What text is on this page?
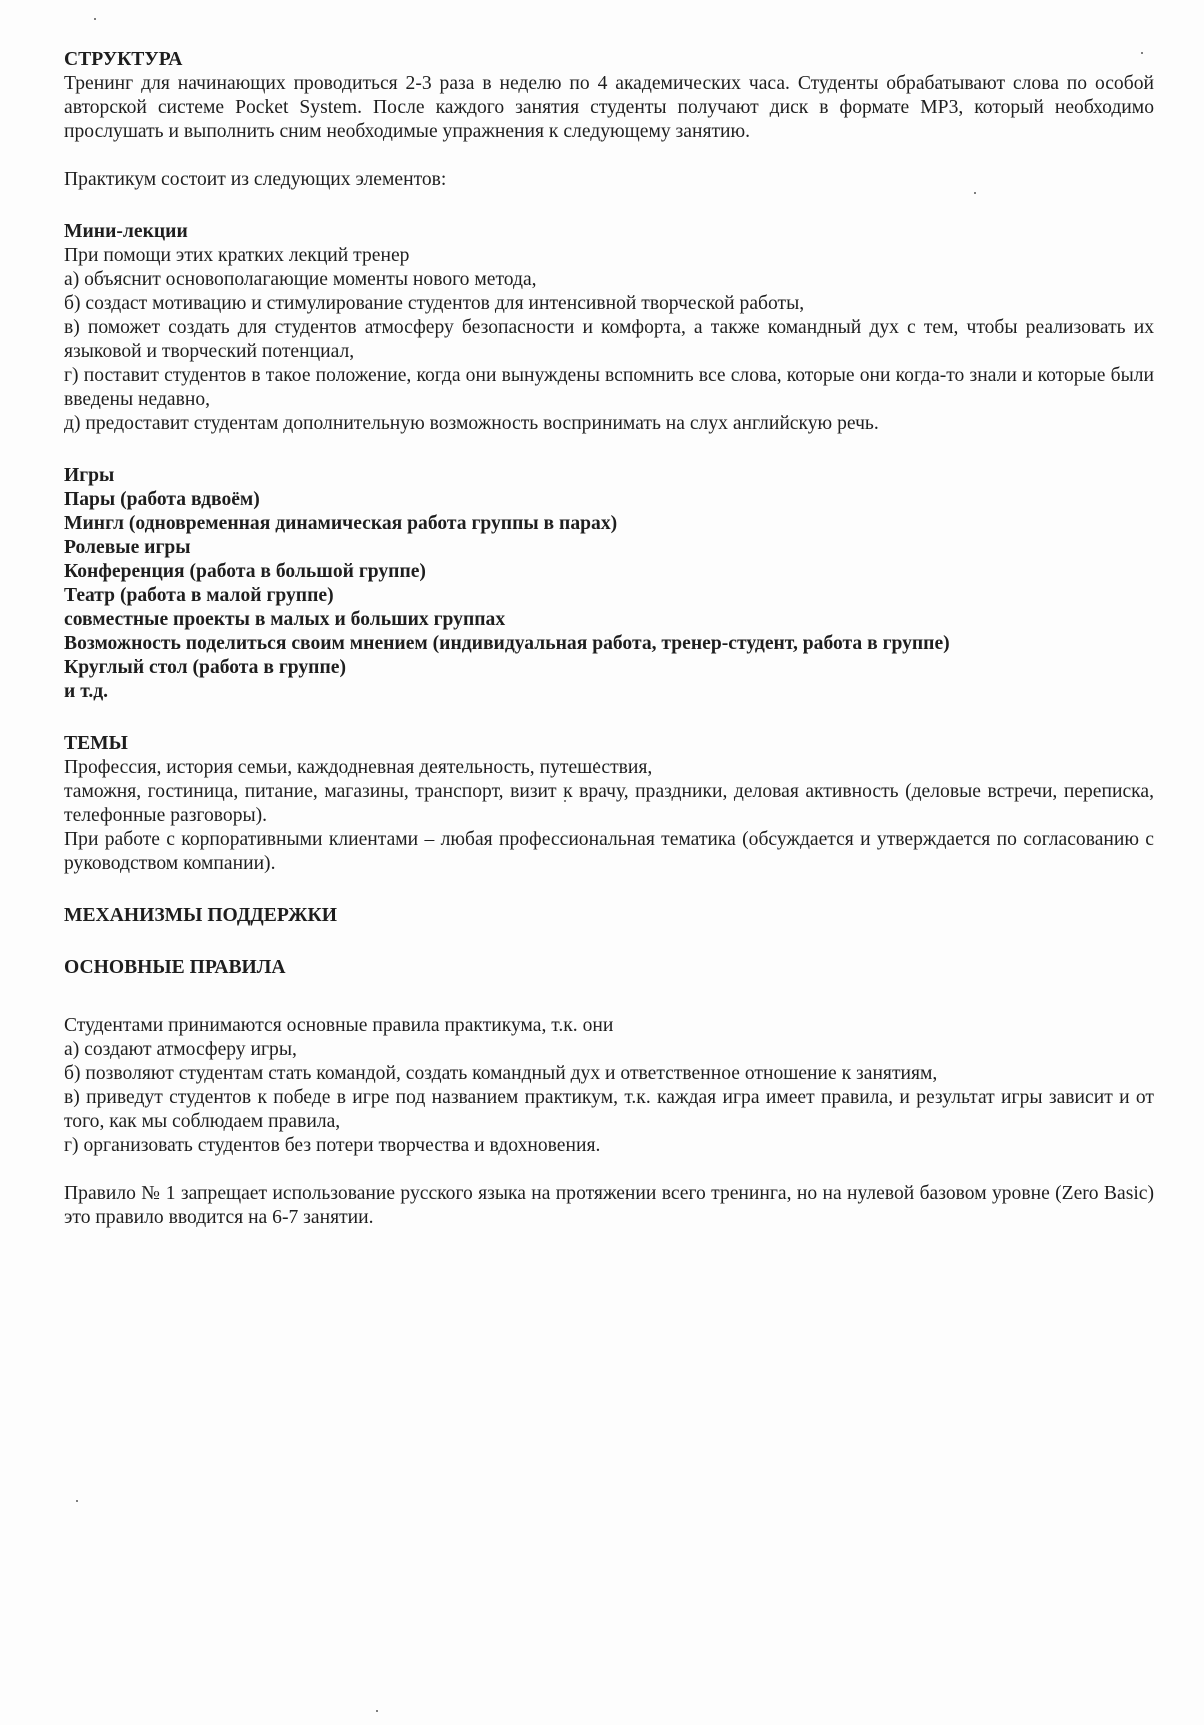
СТРУКТУРА

Тренинг для начинающих проводиться 2-3 раза в неделю по 4 академических часа. Студенты обрабатывают слова по особой авторской системе Pocket System. После каждого занятия студенты получают диск в формате МР3, который необходимо прослушать и выполнить сним необходимые упражнения к следующему занятию.

Практикум состоит из следующих элементов:

Мини-лекции

При помощи этих кратких лекций тренер

а) объяснит основополагающие моменты нового метода,

б) создаст мотивацию и стимулирование студентов для интенсивной творческой работы,

в) поможет создать для студентов атмосферу безопасности и комфорта, а также командный дух с тем, чтобы реализовать их языковой и творческий потенциал,

г) поставит студентов в такое положение, когда они вынуждены вспомнить все слова, которые они когда-то знали и которые были введены недавно,

д) предоставит студентам дополнительную возможность воспринимать на слух английскую речь.

Игры

Пары (работа вдвоём)

Мингл (одновременная динамическая работа группы в парах)

Ролевые игры

Конференция (работа в большой группе)

Театр (работа в малой группе)

совместные проекты в малых и больших группах

Возможность поделиться своим мнением (индивидуальная работа, тренер-студент, работа в группе)

Круглый стол (работа в группе)

и т.д.

ТЕМЫ

Профессия, история семьи, каждодневная деятельность, путешествия,

таможня, гостиница, питание, магазины, транспорт, визит к врачу, праздники, деловая активность (деловые встречи, переписка, телефонные разговоры).

При работе с корпоративными клиентами – любая профессиональная тематика (обсуждается и утверждается по согласованию с руководством компании).

МЕХАНИЗМЫ ПОДДЕРЖКИ

ОСНОВНЫЕ ПРАВИЛА

Студентами принимаются основные правила практикума, т.к. они

а) создают атмосферу игры,

б) позволяют студентам стать командой, создать командный дух и ответственное отношение к занятиям,

в) приведут студентов к победе в игре под названием практикум, т.к. каждая игра имеет правила, и результат игры зависит и от того, как мы соблюдаем правила,

г) организовать студентов без потери творчества и вдохновения.

Правило № 1 запрещает использование русского языка на протяжении всего тренинга, но на нулевой базовом уровне (Zero Basic) это правило вводится на 6-7 занятии.
